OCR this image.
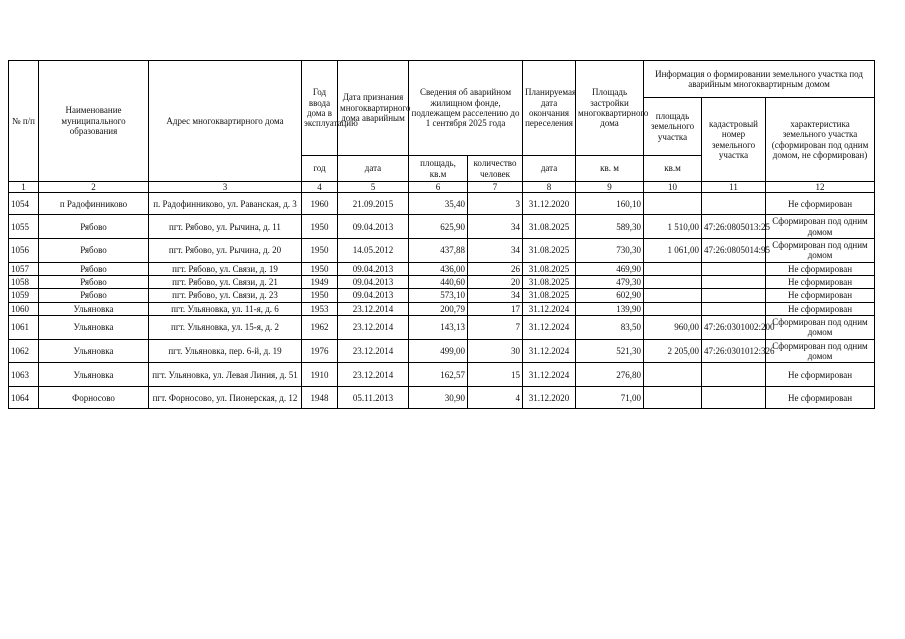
№ п/п	Наименование муниципального образования	Адрес многоквартирного дома	Год ввода дома в эксплуатацию	Дата признания многоквартирного дома аварийным	Сведения об аварийном жилищном фонде, подлежащем расселению до 1 сентября 2025 года		Планируемая дата окончания переселения	Площадь застройки многоквартирного дома	Информация о формировании земельного участка под аварийным многоквартирным домом		
									площадь земельного участка	кадастровый номер земельного участка	характеристика земельного участка (сформирован под одним домом, не сформирован)
			год	дата	площадь, кв.м	количество человек	дата	кв. м	кв.м		
1	2	3	4	5	6	7	8	9	10	11	12
1054	п Радофинниково	п. Радофинниково, ул. Раванская, д. 3	1960	21.09.2015	35,40	3	31.12.2020	160,10			Не сформирован
1055	Рябово	пгт. Рябово, ул. Рычина, д. 11	1950	09.04.2013	625,90	34	31.08.2025	589,30	1 510,00	47:26:0805013:25	Сформирован под одним домом
1056	Рябово	пгт. Рябово, ул. Рычина, д. 20	1950	14.05.2012	437,88	34	31.08.2025	730,30	1 061,00	47:26:0805014:95	Сформирован под одним домом
1057	Рябово	пгт. Рябово, ул. Связи, д. 19	1950	09.04.2013	436,00	26	31.08.2025	469,90			Не сформирован
1058	Рябово	пгт. Рябово, ул. Связи, д. 21	1949	09.04.2013	440,60	20	31.08.2025	479,30			Не сформирован
1059	Рябово	пгт. Рябово, ул. Связи, д. 23	1950	09.04.2013	573,10	34	31.08.2025	602,90			Не сформирован
1060	Ульяновка	пгт. Ульяновка, ул. 11-я, д. 6	1953	23.12.2014	200,79	17	31.12.2024	139,90			Не сформирован
1061	Ульяновка	пгт. Ульяновка, ул. 15-я, д. 2	1962	23.12.2014	143,13	7	31.12.2024	83,50	960,00	47:26:0301002:200	Сформирован под одним домом
1062	Ульяновка	пгт. Ульяновка, пер. 6-й, д. 19	1976	23.12.2014	499,00	30	31.12.2024	521,30	2 205,00	47:26:0301012:326	Сформирован под одним домом
1063	Ульяновка	пгт. Ульяновка, ул. Левая Линия, д. 51	1910	23.12.2014	162,57	15	31.12.2024	276,80			Не сформирован
1064	Форносово	пгт. Форносово, ул. Пионерская, д. 12	1948	05.11.2013	30,90	4	31.12.2020	71,00			Не сформирован
